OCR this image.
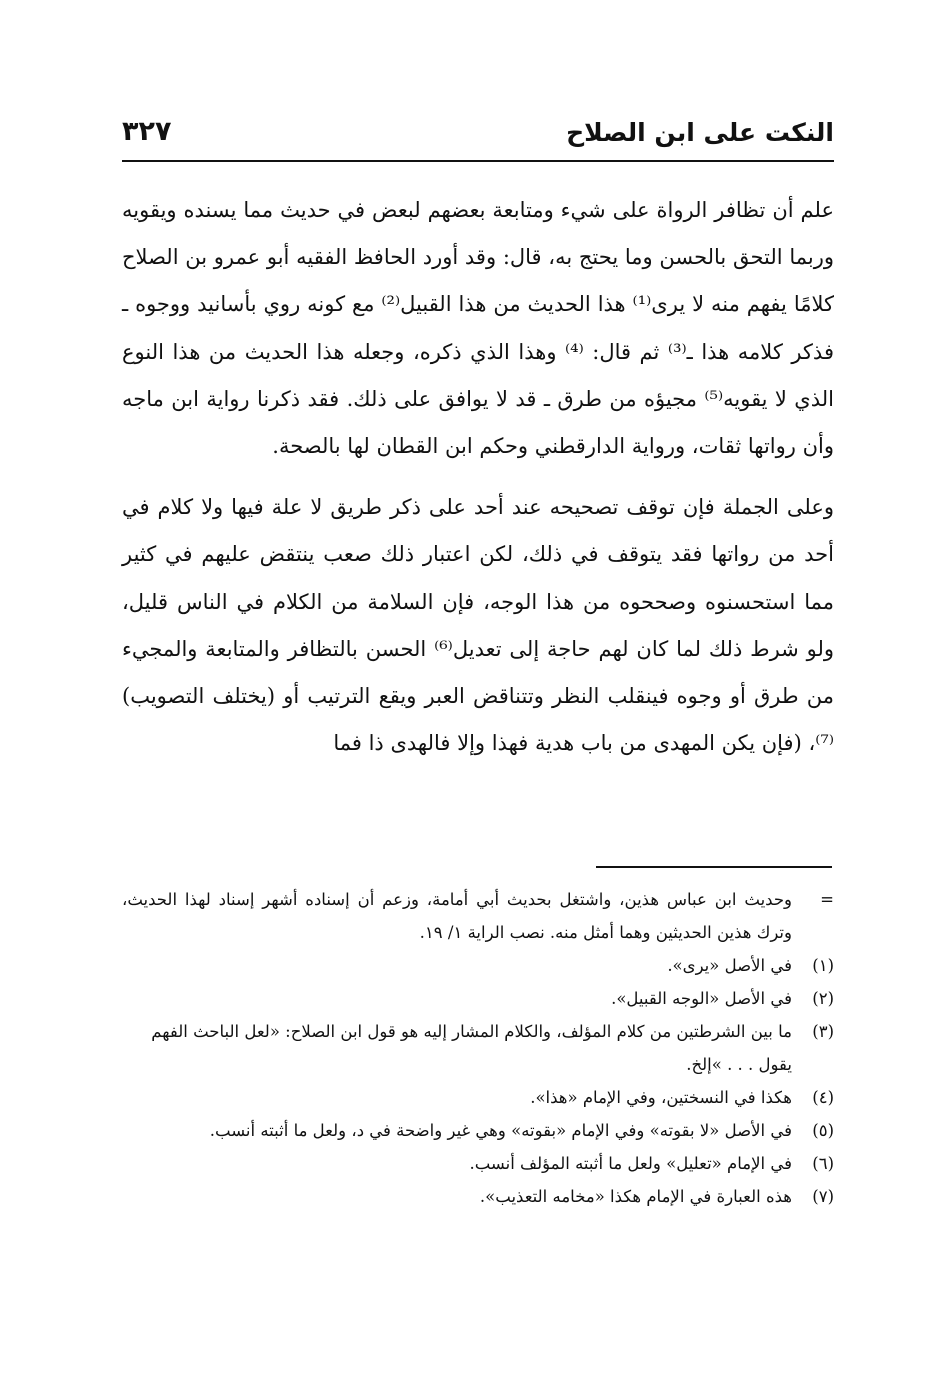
النكت على ابن الصلاح
٣٢٧

علم أن تظافر الرواة على شيء ومتابعة بعضهم لبعض في حديث مما يسنده ويقويه وربما التحق بالحسن وما يحتج به، قال: وقد أورد الحافظ الفقيه أبو عمرو بن الصلاح كلامًا يفهم منه لا يرى⁽¹⁾ هذا الحديث من هذا القبيل⁽²⁾ مع كونه روي بأسانيد ووجوه ـ فذكر كلامه هذا ـ⁽³⁾ ثم قال: ⁽⁴⁾ وهذا الذي ذكره، وجعله هذا الحديث من هذا النوع الذي لا يقويه⁽⁵⁾ مجيؤه من طرق ـ قد لا يوافق على ذلك. فقد ذكرنا رواية ابن ماجه وأن رواتها ثقات، ورواية الدارقطني وحكم ابن القطان لها بالصحة.

وعلى الجملة فإن توقف تصحيحه عند أحد على ذكر طريق لا علة فيها ولا كلام في أحد من رواتها فقد يتوقف في ذلك، لكن اعتبار ذلك صعب ينتقض عليهم في كثير مما استحسنوه وصححوه من هذا الوجه، فإن السلامة من الكلام في الناس قليل، ولو شرط ذلك لما كان لهم حاجة إلى تعديل⁽⁶⁾ الحسن بالتظافر والمتابعة والمجيء من طرق أو وجوه فينقلب النظر وتتناقض العبر ويقع الترتيب أو (يختلف التصويب)⁽⁷⁾، (فإن يكن المهدى من باب هدية فهذا وإلا فالهدى ذا فما

=وحديث ابن عباس هذين، واشتغل بحديث أبي أمامة، وزعم أن إسناده أشهر إسناد لهذا الحديث، وترك هذين الحديثين وهما أمثل منه. نصب الراية ١/ ١٩.

(١)في الأصل «يرى».

(٢)في الأصل «الوجه القبيل».

(٣)ما بين الشرطتين من كلام المؤلف، والكلام المشار إليه هو قول ابن الصلاح: «لعل الباحث الفهم يقول . . . »إلخ.

(٤)هكذا في النسختين، وفي الإمام «هذا».

(٥)في الأصل «لا بقوته» وفي الإمام «بقوته» وهي غير واضحة في د، ولعل ما أثبته أنسب.

(٦)في الإمام «تعليل» ولعل ما أثبته المؤلف أنسب.

(٧)هذه العبارة في الإمام هكذا «مخامه التعذيب».
